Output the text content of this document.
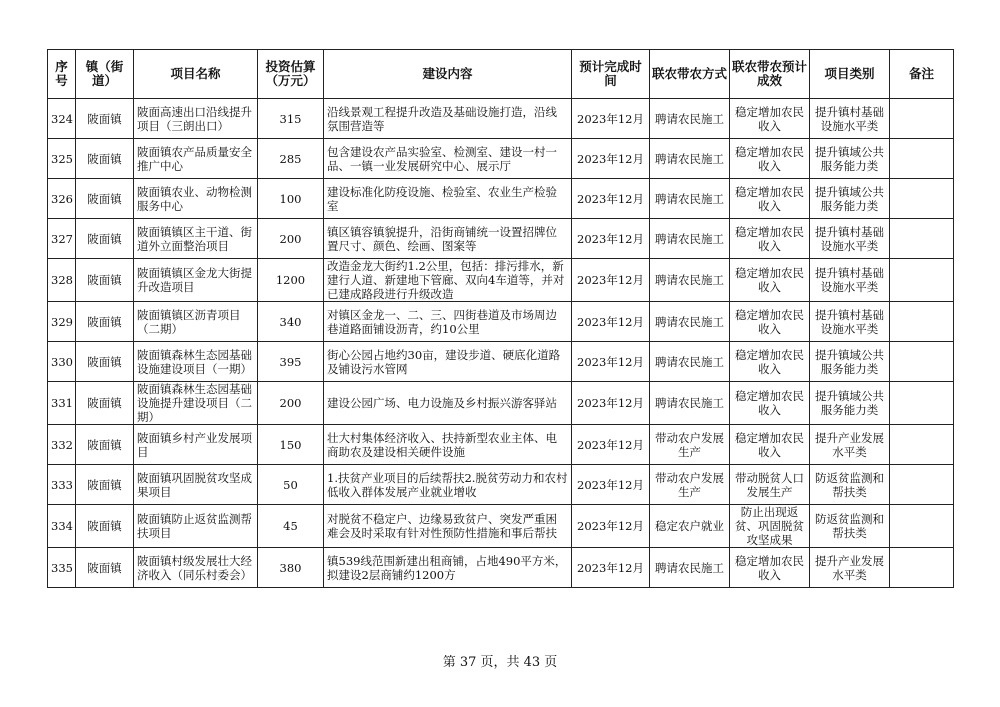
序号	镇（街道）	项目名称	投资估算（万元）	建设内容	预计完成时间	联农带农方式	联农带农预计成效	项目类别	备注
324	陂面镇	陂面高速出口沿线提升项目（三朗出口）	315	沿线景观工程提升改造及基础设施打造，沿线氛围营造等	2023年12月	聘请农民施工	稳定增加农民收入	提升镇村基础设施水平类	
325	陂面镇	陂面镇农产品质量安全推广中心	285	包含建设农产品实验室、检测室、建设一村一品、一镇一业发展研究中心、展示厅	2023年12月	聘请农民施工	稳定增加农民收入	提升镇域公共服务能力类	
326	陂面镇	陂面镇农业、动物检测服务中心	100	建设标准化防疫设施、检验室、农业生产检验室	2023年12月	聘请农民施工	稳定增加农民收入	提升镇域公共服务能力类	
327	陂面镇	陂面镇镇区主干道、街道外立面整治项目	200	镇区镇容镇貌提升，沿街商铺统一设置招牌位置尺寸、颜色、绘画、图案等	2023年12月	聘请农民施工	稳定增加农民收入	提升镇村基础设施水平类	
328	陂面镇	陂面镇镇区金龙大街提升改造项目	1200	改造金龙大街约1.2公里，包括：排污排水，新建行人道、新建地下管廊、双向4车道等，并对已建成路段进行升级改造	2023年12月	聘请农民施工	稳定增加农民收入	提升镇村基础设施水平类	
329	陂面镇	陂面镇镇区沥青项目（二期）	340	对镇区金龙一、二、三、四街巷道及市场周边巷道路面铺设沥青，约10公里	2023年12月	聘请农民施工	稳定增加农民收入	提升镇村基础设施水平类	
330	陂面镇	陂面镇森林生态园基础设施建设项目（一期）	395	街心公园占地约30亩，建设步道、硬底化道路及铺设污水管网	2023年12月	聘请农民施工	稳定增加农民收入	提升镇域公共服务能力类	
331	陂面镇	陂面镇森林生态园基础设施提升建设项目（二期）	200	建设公园广场、电力设施及乡村振兴游客驿站	2023年12月	聘请农民施工	稳定增加农民收入	提升镇域公共服务能力类	
332	陂面镇	陂面镇乡村产业发展项目	150	壮大村集体经济收入、扶持新型农业主体、电商助农及建设相关硬件设施	2023年12月	带动农户发展生产	稳定增加农民收入	提升产业发展水平类	
333	陂面镇	陂面镇巩固脱贫攻坚成果项目	50	1.扶贫产业项目的后续帮扶2.脱贫劳动力和农村低收入群体发展产业就业增收	2023年12月	带动农户发展生产	带动脱贫人口发展生产	防返贫监测和帮扶类	
334	陂面镇	陂面镇防止返贫监测帮扶项目	45	对脱贫不稳定户、边缘易致贫户、突发严重困难会及时采取有针对性预防性措施和事后帮扶	2023年12月	稳定农户就业	防止出现返贫、巩固脱贫攻坚成果	防返贫监测和帮扶类	
335	陂面镇	陂面镇村级发展壮大经济收入（同乐村委会）	380	镇539线范围新建出租商铺，占地490平方米，拟建设2层商铺约1200方	2023年12月	聘请农民施工	稳定增加农民收入	提升产业发展水平类	
第 37 页，共 43 页
